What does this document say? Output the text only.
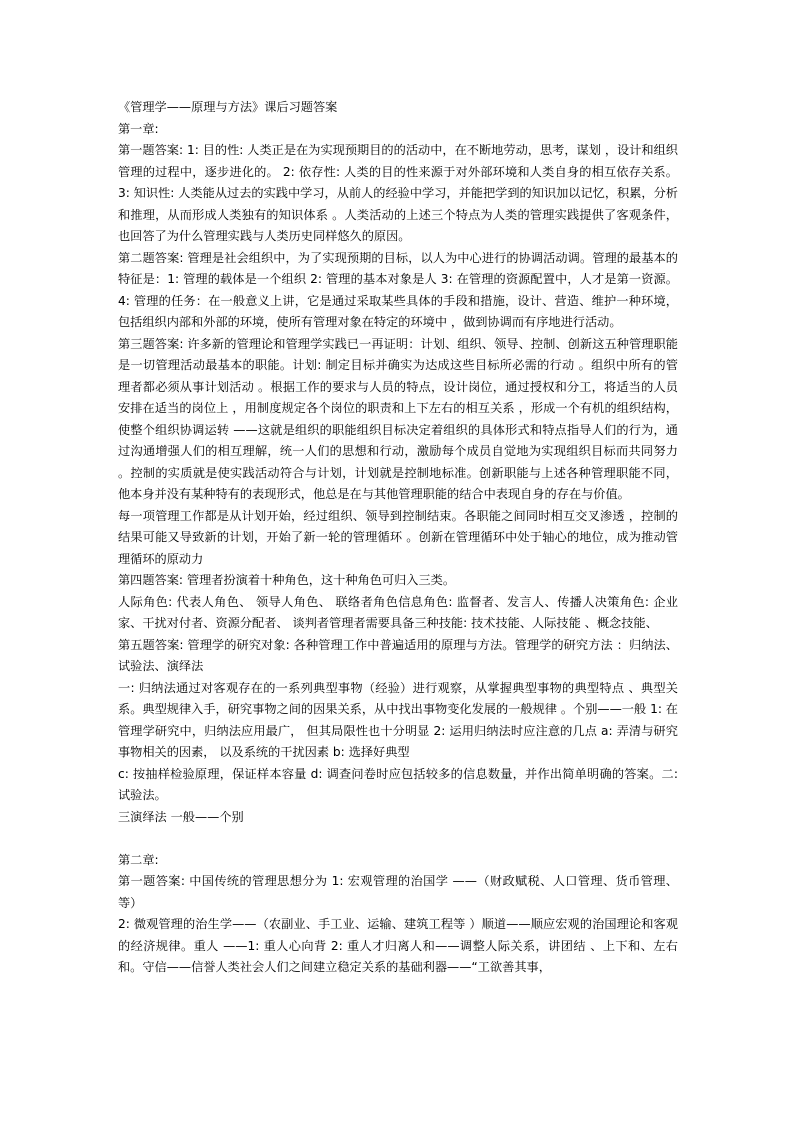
《管理学——原理与方法》课后习题答案

第一章:

第一题答案: 1: 目的性: 人类正是在为实现预期目的的活动中，在不断地劳动，思考，谋划 ，设计和组织管理的过程中，逐步进化的。 2: 依存性: 人类的目的性来源于对外部环境和人类自身的相互依存关系。 3: 知识性: 人类能从过去的实践中学习，从前人的经验中学习，并能把学到的知识加以记忆，积累，分析和推理，从而形成人类独有的知识体系 。人类活动的上述三个特点为人类的管理实践提供了客观条件，也回答了为什么管理实践与人类历史同样悠久的原因。

第二题答案: 管理是社会组织中，为了实现预期的目标，以人为中心进行的协调活动调。管理的最基本的特征是：1: 管理的载体是一个组织 2: 管理的基本对象是人 3: 在管理的资源配置中，人才是第一资源。 4: 管理的任务：在一般意义上讲，它是通过采取某些具体的手段和措施，设计、营造、维护一种环境，包括组织内部和外部的环境，使所有管理对象在特定的环境中 ，做到协调而有序地进行活动。

第三题答案: 许多新的管理论和管理学实践已一再证明：计划、组织、领导、控制、创新这五种管理职能是一切管理活动最基本的职能。计划: 制定目标并确实为达成这些目标所必需的行动 。组织中所有的管理者都必须从事计划活动 。根据工作的要求与人员的特点，设计岗位，通过授权和分工，将适当的人员安排在适当的岗位上 ，用制度规定各个岗位的职责和上下左右的相互关系 ，形成一个有机的组织结构，使整个组织协调运转 ——这就是组织的职能组织目标决定着组织的具体形式和特点指导人们的行为，通过沟通增强人们的相互理解，统一人们的思想和行动，激励每个成员自觉地为实现组织目标而共同努力 。控制的实质就是使实践活动符合与计划，计划就是控制地标准。创新职能与上述各种管理职能不同，他本身并没有某种特有的表现形式，他总是在与其他管理职能的结合中表现自身的存在与价值。

每一项管理工作都是从计划开始，经过组织、领导到控制结束。各职能之间同时相互交叉渗透 ，控制的结果可能又导致新的计划，开始了新一轮的管理循环 。创新在管理循环中处于轴心的地位，成为推动管理循环的原动力

第四题答案: 管理者扮演着十种角色，这十种角色可归入三类。

人际角色: 代表人角色、 领导人角色、 联络者角色信息角色: 监督者、发言人、传播人决策角色: 企业家、干扰对付者、资源分配者、 谈判者管理者需要具备三种技能: 技术技能、人际技能 、概念技能、

第五题答案: 管理学的研究对象: 各种管理工作中普遍适用的原理与方法。管理学的研究方法 ：归纳法、试验法、演绎法

一: 归纳法通过对客观存在的一系列典型事物（经验）进行观察，从掌握典型事物的典型特点 、典型关系。典型规律入手，研究事物之间的因果关系，从中找出事物变化发展的一般规律 。个别——一般 1: 在管理学研究中，归纳法应用最广， 但其局限性也十分明显 2: 运用归纳法时应注意的几点 a: 弄清与研究事物相关的因素， 以及系统的干扰因素 b: 选择好典型

c: 按抽样检验原理，保证样本容量 d: 调查问卷时应包括较多的信息数量，并作出简单明确的答案。二: 试验法。

三演绎法 一般——个别

第二章:

第一题答案: 中国传统的管理思想分为 1: 宏观管理的治国学 ——（财政赋税、人口管理、货币管理、等）

2: 微观管理的治生学——（农副业、手工业、运输、建筑工程等 ）顺道——顺应宏观的治国理论和客观的经济规律。重人 ——1: 重人心向背 2: 重人才归离人和——调整人际关系，讲团结 、上下和、左右和。守信——信誉人类社会人们之间建立稳定关系的基础利器——“工欲善其事，
